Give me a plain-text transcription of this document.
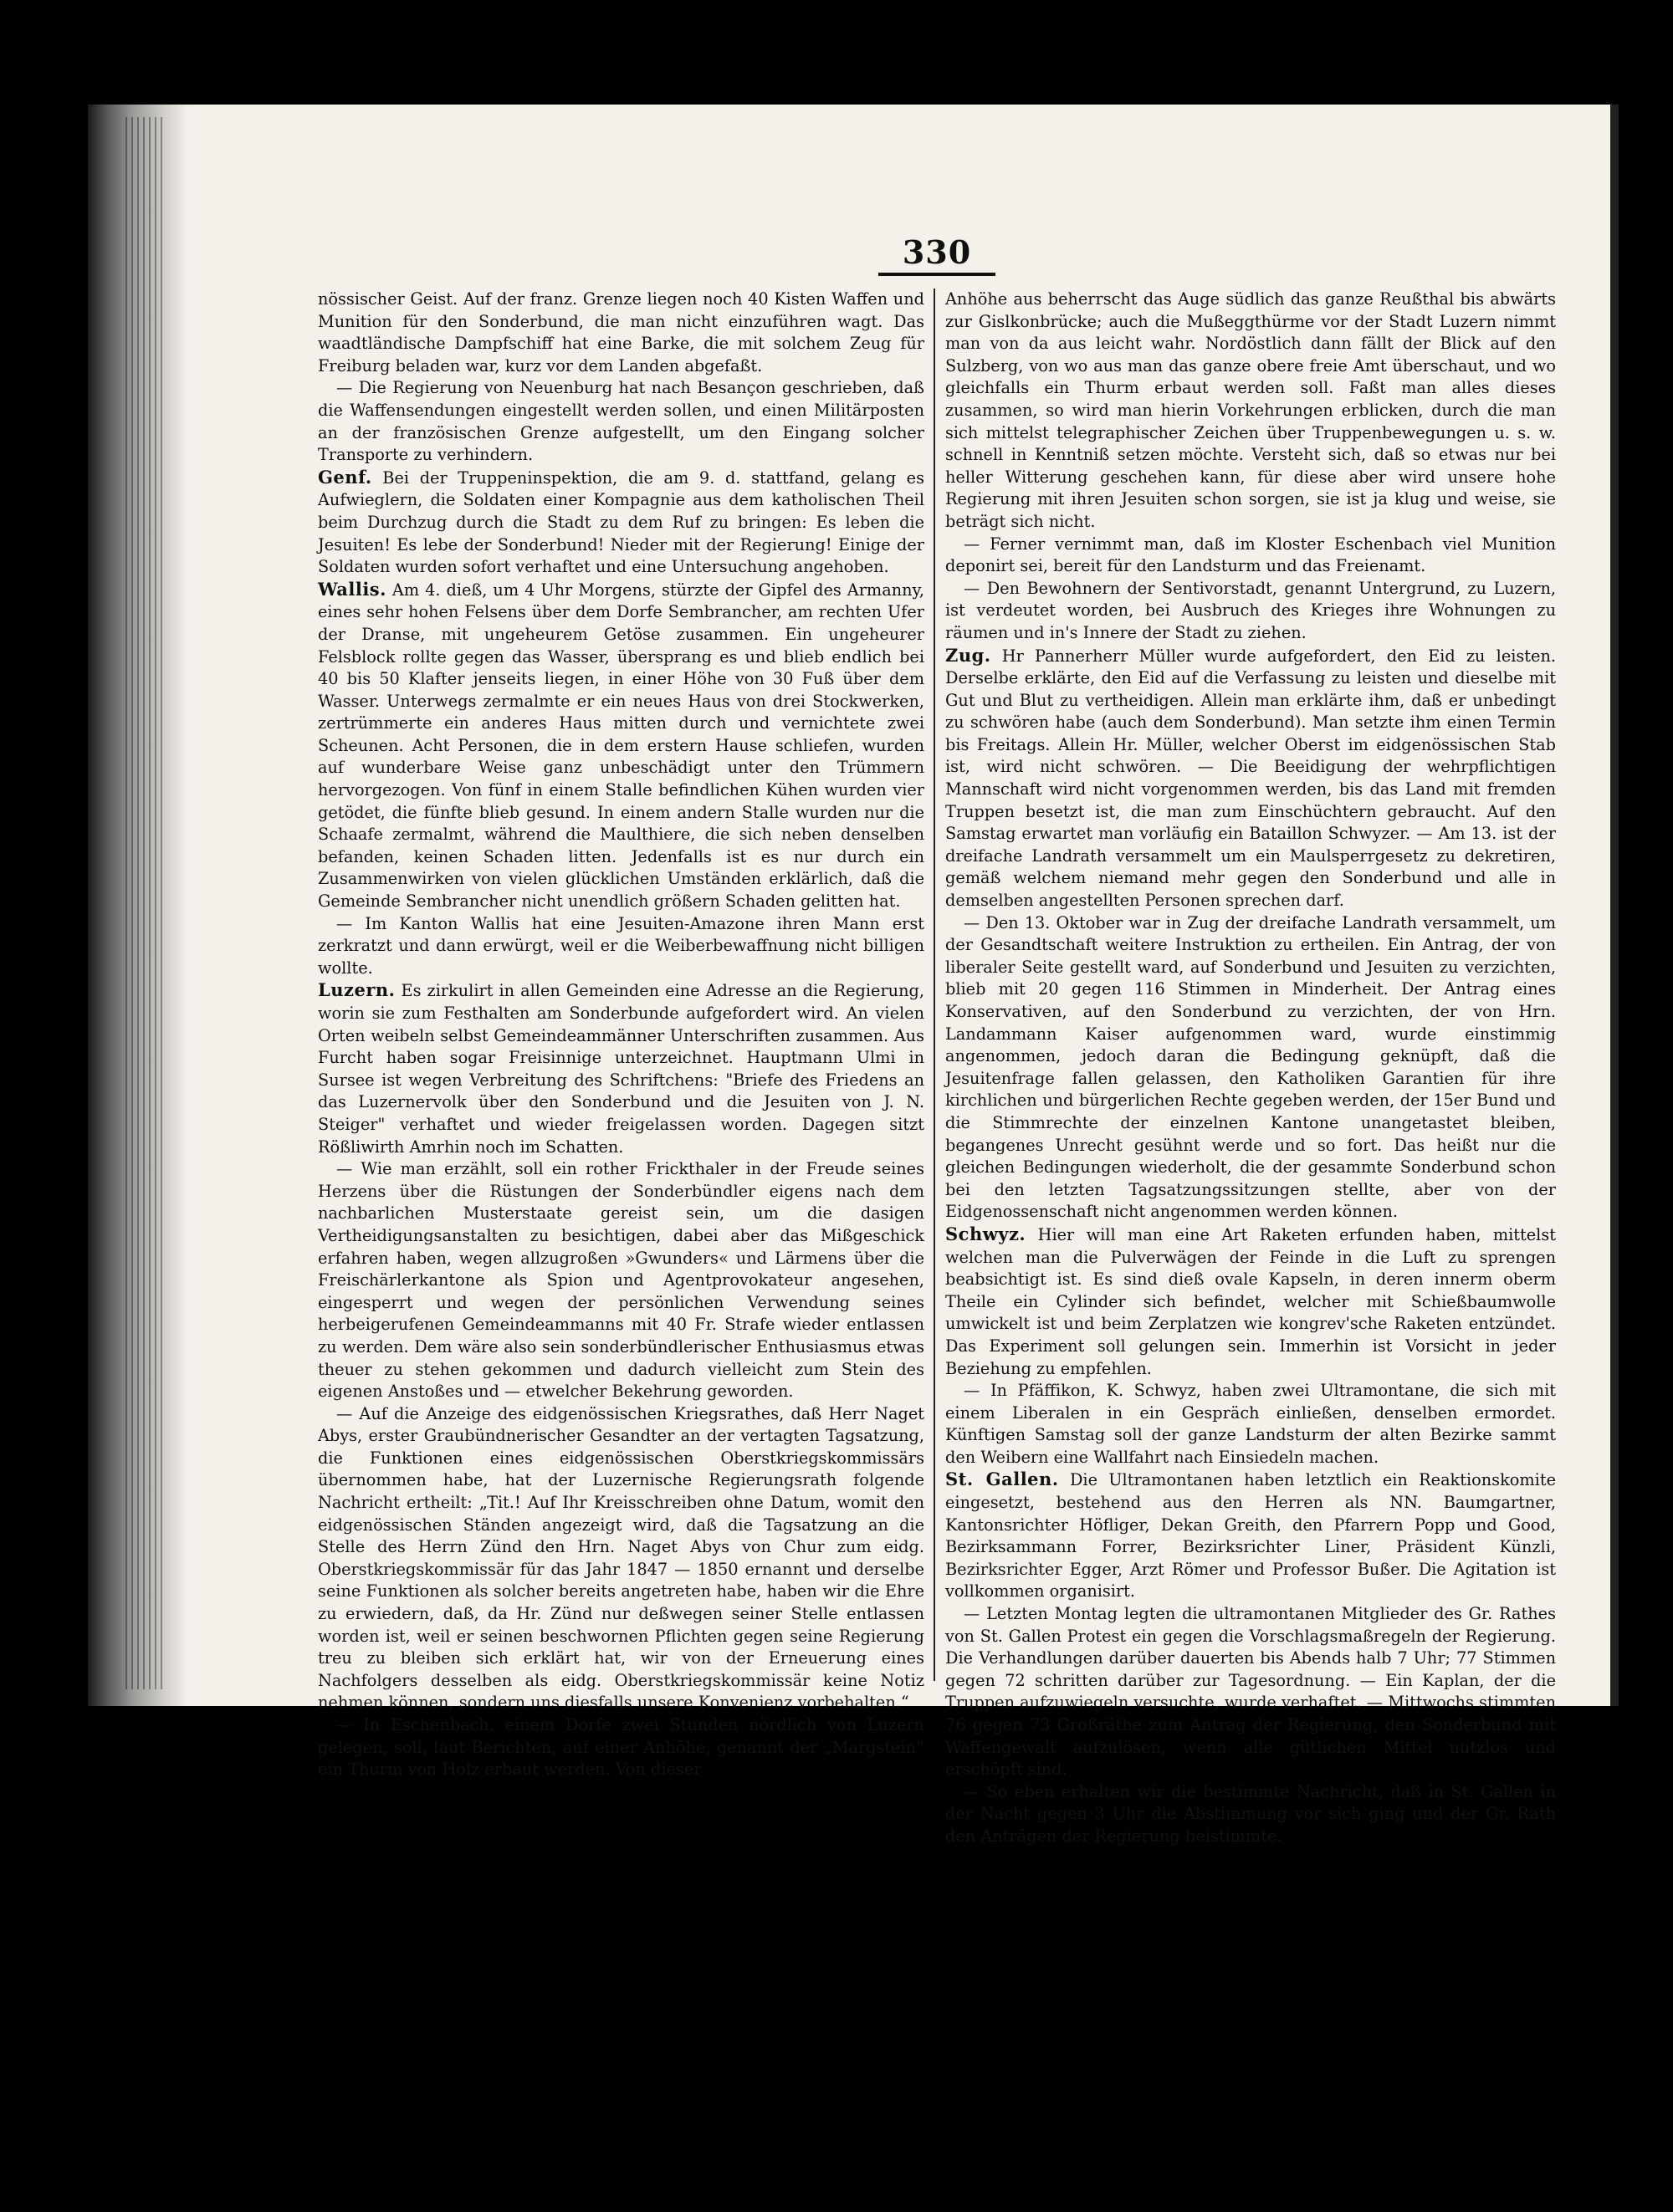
330

nössischer Geist. Auf der franz. Grenze liegen noch 40 Kisten Waffen und Munition für den Sonderbund, die man nicht einzuführen wagt. Das waadtländische Dampfschiff hat eine Barke, die mit solchem Zeug für Freiburg beladen war, kurz vor dem Landen abgefaßt.

— Die Regierung von Neuenburg hat nach Besançon geschrieben, daß die Waffensendungen eingestellt werden sollen, und einen Militärposten an der französischen Grenze aufgestellt, um den Eingang solcher Transporte zu verhindern.

Genf. Bei der Truppeninspektion, die am 9. d. stattfand, gelang es Aufwieglern, die Soldaten einer Kompagnie aus dem katholischen Theil beim Durchzug durch die Stadt zu dem Ruf zu bringen: Es leben die Jesuiten! Es lebe der Sonderbund! Nieder mit der Regierung! Einige der Soldaten wurden sofort verhaftet und eine Untersuchung angehoben.

Wallis. Am 4. dieß, um 4 Uhr Morgens, stürzte der Gipfel des Armanny, eines sehr hohen Felsens über dem Dorfe Sembrancher, am rechten Ufer der Dranse, mit ungeheurem Getöse zusammen. Ein ungeheurer Felsblock rollte gegen das Wasser, übersprang es und blieb endlich bei 40 bis 50 Klafter jenseits liegen, in einer Höhe von 30 Fuß über dem Wasser. Unterwegs zermalmte er ein neues Haus von drei Stockwerken, zertrümmerte ein anderes Haus mitten durch und vernichtete zwei Scheunen. Acht Personen, die in dem erstern Hause schliefen, wurden auf wunderbare Weise ganz unbeschädigt unter den Trümmern hervorgezogen. Von fünf in einem Stalle befindlichen Kühen wurden vier getödet, die fünfte blieb gesund. In einem andern Stalle wurden nur die Schaafe zermalmt, während die Maulthiere, die sich neben denselben befanden, keinen Schaden litten. Jedenfalls ist es nur durch ein Zusammenwirken von vielen glücklichen Umständen erklärlich, daß die Gemeinde Sembrancher nicht unendlich größern Schaden gelitten hat.

— Im Kanton Wallis hat eine Jesuiten-Amazone ihren Mann erst zerkratzt und dann erwürgt, weil er die Weiberbewaffnung nicht billigen wollte.

Luzern. Es zirkulirt in allen Gemeinden eine Adresse an die Regierung, worin sie zum Festhalten am Sonderbunde aufgefordert wird. An vielen Orten weibeln selbst Gemeindeammänner Unterschriften zusammen. Aus Furcht haben sogar Freisinnige unterzeichnet. Hauptmann Ulmi in Sursee ist wegen Verbreitung des Schriftchens: "Briefe des Friedens an das Luzernervolk über den Sonderbund und die Jesuiten von J. N. Steiger" verhaftet und wieder freigelassen worden. Dagegen sitzt Rößliwirth Amrhin noch im Schatten.

— Wie man erzählt, soll ein rother Frickthaler in der Freude seines Herzens über die Rüstungen der Sonderbündler eigens nach dem nachbarlichen Musterstaate gereist sein, um die dasigen Vertheidigungsanstalten zu besichtigen, dabei aber das Mißgeschick erfahren haben, wegen allzugroßen »Gwunders« und Lärmens über die Freischärlerkantone als Spion und Agentprovokateur angesehen, eingesperrt und wegen der persönlichen Verwendung seines herbeigerufenen Gemeindeammanns mit 40 Fr. Strafe wieder entlassen zu werden. Dem wäre also sein sonderbündlerischer Enthusiasmus etwas theuer zu stehen gekommen und dadurch vielleicht zum Stein des eigenen Anstoßes und — etwelcher Bekehrung geworden.

— Auf die Anzeige des eidgenössischen Kriegsrathes, daß Herr Naget Abys, erster Graubündnerischer Gesandter an der vertagten Tagsatzung, die Funktionen eines eidgenössischen Oberstkriegskommissärs übernommen habe, hat der Luzernische Regierungsrath folgende Nachricht ertheilt: „Tit.! Auf Ihr Kreisschreiben ohne Datum, womit den eidgenössischen Ständen angezeigt wird, daß die Tagsatzung an die Stelle des Herrn Zünd den Hrn. Naget Abys von Chur zum eidg. Oberstkriegskommissär für das Jahr 1847 — 1850 ernannt und derselbe seine Funktionen als solcher bereits angetreten habe, haben wir die Ehre zu erwiedern, daß, da Hr. Zünd nur deßwegen seiner Stelle entlassen worden ist, weil er seinen beschwornen Pflichten gegen seine Regierung treu zu bleiben sich erklärt hat, wir von der Erneuerung eines Nachfolgers desselben als eidg. Oberstkriegskommissär keine Notiz nehmen können, sondern uns diesfalls unsere Konvenienz vorbehalten.“

— In Eschenbach, einem Dorfe zwei Stunden nördlich von Luzern gelegen, soll, laut Berichten, auf einer Anhöhe, genannt der „Margstein“ ein Thurm von Holz erbaut werden. Von dieser

Anhöhe aus beherrscht das Auge südlich das ganze Reußthal bis abwärts zur Gislkonbrücke; auch die Mußeggthürme vor der Stadt Luzern nimmt man von da aus leicht wahr. Nordöstlich dann fällt der Blick auf den Sulzberg, von wo aus man das ganze obere freie Amt überschaut, und wo gleichfalls ein Thurm erbaut werden soll. Faßt man alles dieses zusammen, so wird man hierin Vorkehrungen erblicken, durch die man sich mittelst telegraphischer Zeichen über Truppenbewegungen u. s. w. schnell in Kenntniß setzen möchte. Versteht sich, daß so etwas nur bei heller Witterung geschehen kann, für diese aber wird unsere hohe Regierung mit ihren Jesuiten schon sorgen, sie ist ja klug und weise, sie beträgt sich nicht.

— Ferner vernimmt man, daß im Kloster Eschenbach viel Munition deponirt sei, bereit für den Landsturm und das Freienamt.

— Den Bewohnern der Sentivorstadt, genannt Untergrund, zu Luzern, ist verdeutet worden, bei Ausbruch des Krieges ihre Wohnungen zu räumen und in's Innere der Stadt zu ziehen.

Zug. Hr Pannerherr Müller wurde aufgefordert, den Eid zu leisten. Derselbe erklärte, den Eid auf die Verfassung zu leisten und dieselbe mit Gut und Blut zu vertheidigen. Allein man erklärte ihm, daß er unbedingt zu schwören habe (auch dem Sonderbund). Man setzte ihm einen Termin bis Freitags. Allein Hr. Müller, welcher Oberst im eidgenössischen Stab ist, wird nicht schwören. — Die Beeidigung der wehrpflichtigen Mannschaft wird nicht vorgenommen werden, bis das Land mit fremden Truppen besetzt ist, die man zum Einschüchtern gebraucht. Auf den Samstag erwartet man vorläufig ein Bataillon Schwyzer. — Am 13. ist der dreifache Landrath versammelt um ein Maulsperrgesetz zu dekretiren, gemäß welchem niemand mehr gegen den Sonderbund und alle in demselben angestellten Personen sprechen darf.

— Den 13. Oktober war in Zug der dreifache Landrath versammelt, um der Gesandtschaft weitere Instruktion zu ertheilen. Ein Antrag, der von liberaler Seite gestellt ward, auf Sonderbund und Jesuiten zu verzichten, blieb mit 20 gegen 116 Stimmen in Minderheit. Der Antrag eines Konservativen, auf den Sonderbund zu verzichten, der von Hrn. Landammann Kaiser aufgenommen ward, wurde einstimmig angenommen, jedoch daran die Bedingung geknüpft, daß die Jesuitenfrage fallen gelassen, den Katholiken Garantien für ihre kirchlichen und bürgerlichen Rechte gegeben werden, der 15er Bund und die Stimmrechte der einzelnen Kantone unangetastet bleiben, begangenes Unrecht gesühnt werde und so fort. Das heißt nur die gleichen Bedingungen wiederholt, die der gesammte Sonderbund schon bei den letzten Tagsatzungssitzungen stellte, aber von der Eidgenossenschaft nicht angenommen werden können.

Schwyz. Hier will man eine Art Raketen erfunden haben, mittelst welchen man die Pulverwägen der Feinde in die Luft zu sprengen beabsichtigt ist. Es sind dieß ovale Kapseln, in deren innerm oberm Theile ein Cylinder sich befindet, welcher mit Schießbaumwolle umwickelt ist und beim Zerplatzen wie kongrev'sche Raketen entzündet. Das Experiment soll gelungen sein. Immerhin ist Vorsicht in jeder Beziehung zu empfehlen.

— In Pfäffikon, K. Schwyz, haben zwei Ultramontane, die sich mit einem Liberalen in ein Gespräch einließen, denselben ermordet. Künftigen Samstag soll der ganze Landsturm der alten Bezirke sammt den Weibern eine Wallfahrt nach Einsiedeln machen.

St. Gallen. Die Ultramontanen haben letztlich ein Reaktionskomite eingesetzt, bestehend aus den Herren als NN. Baumgartner, Kantonsrichter Höfliger, Dekan Greith, den Pfarrern Popp und Good, Bezirksammann Forrer, Bezirksrichter Liner, Präsident Künzli, Bezirksrichter Egger, Arzt Römer und Professor Bußer. Die Agitation ist vollkommen organisirt.

— Letzten Montag legten die ultramontanen Mitglieder des Gr. Rathes von St. Gallen Protest ein gegen die Vorschlagsmaßregeln der Regierung. Die Verhandlungen darüber dauerten bis Abends halb 7 Uhr; 77 Stimmen gegen 72 schritten darüber zur Tagesordnung. — Ein Kaplan, der die Truppen aufzuwiegeln versuchte, wurde verhaftet. — Mittwochs stimmten 76 gegen 73 Großräthe zum Antrag der Regierung, den Sonderbund mit Waffengewalt aufzulösen, wenn alle gütlichen Mittel nutzlos und erschöpft sind.

— So eben erhalten wir die bestimmte Nachricht, daß in St. Gallen in der Nacht gegen 3 Uhr die Abstimmung vor sich ging und der Gr. Rath den Anträgen der Regierung beistimmte.
